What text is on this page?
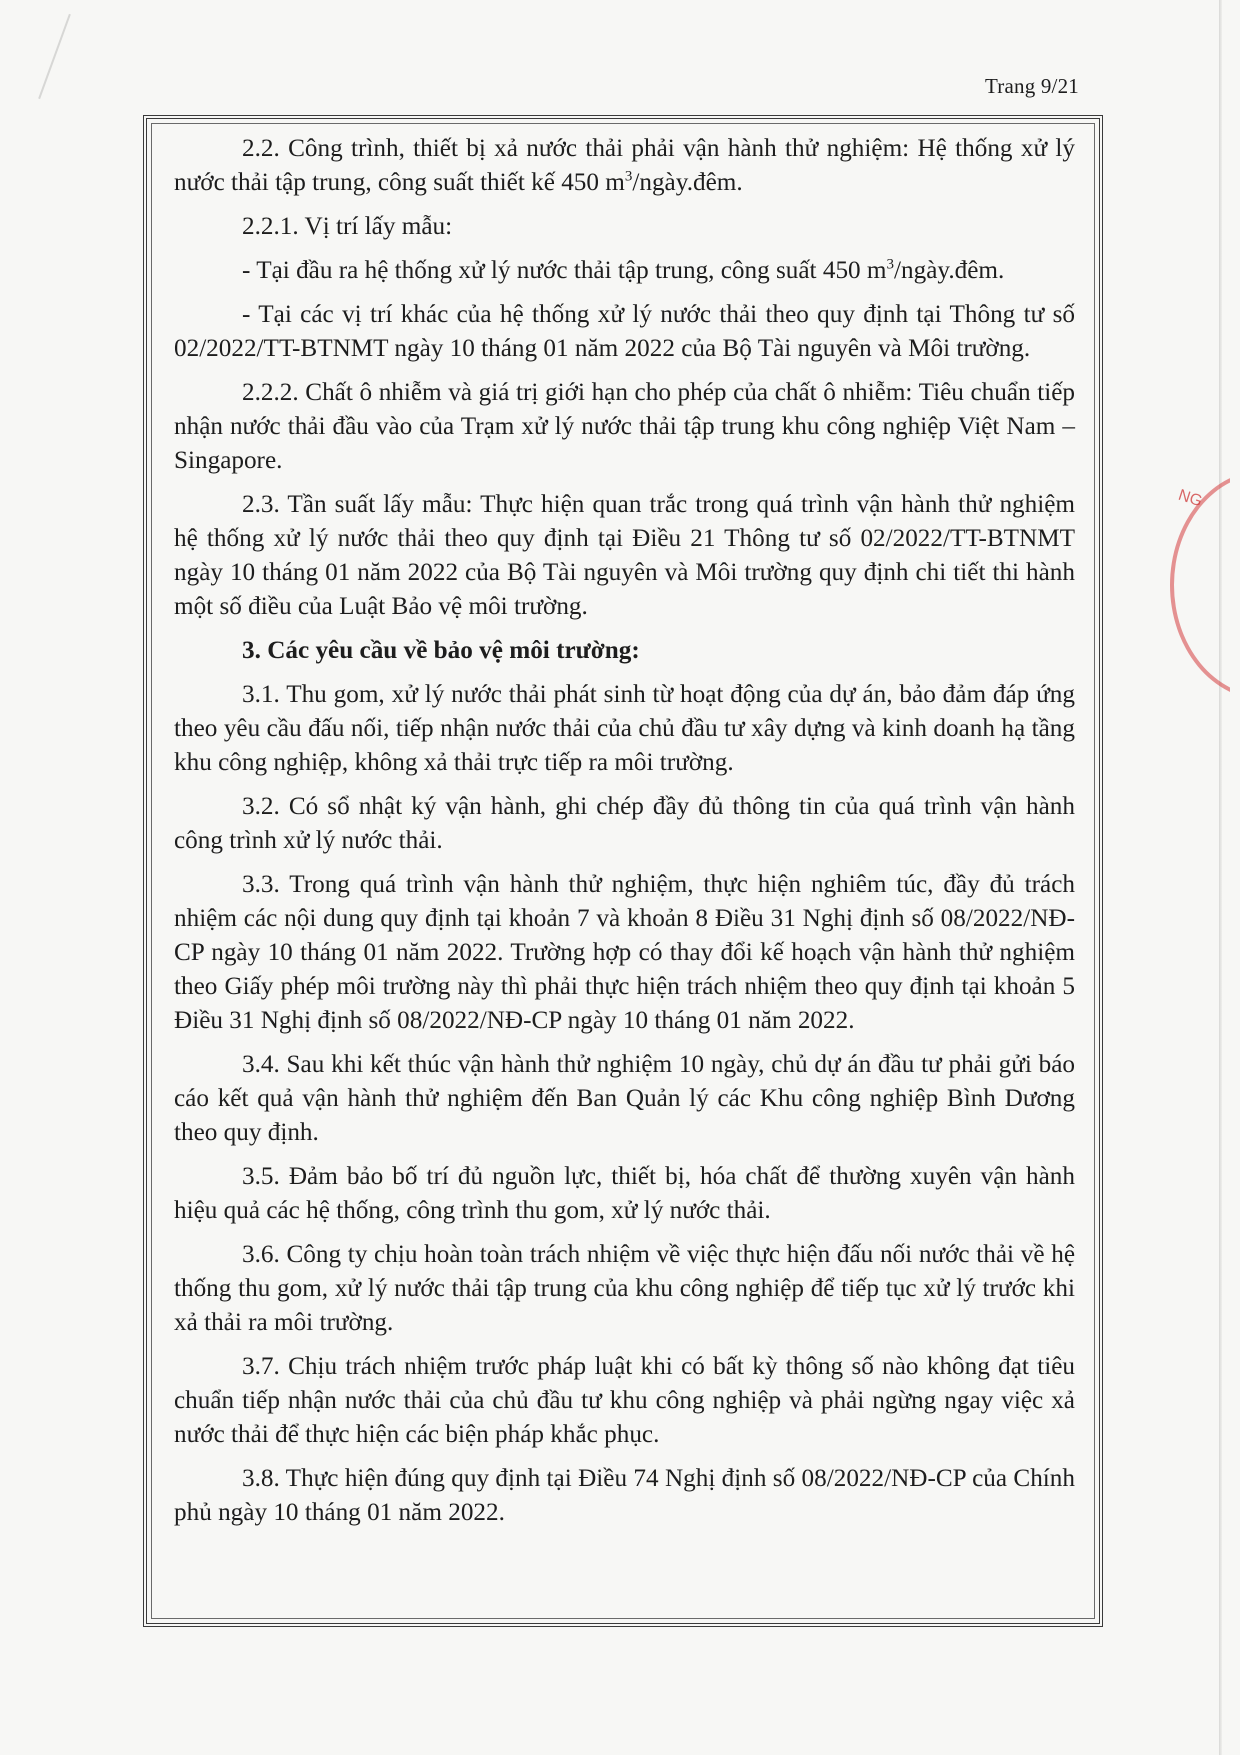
Trang 9/21

2.2. Công trình, thiết bị xả nước thải phải vận hành thử nghiệm: Hệ thống xử lý nước thải tập trung, công suất thiết kế 450 $m^3/ngày.đêm$.

2.2.1. Vị trí lấy mẫu:

- Tại đầu ra hệ thống xử lý nước thải tập trung, công suất 450 $m^3/ngày.đêm$.

- Tại các vị trí khác của hệ thống xử lý nước thải theo quy định tại Thông tư số 02/2022/TT-BTNMT ngày 10 tháng 01 năm 2022 của Bộ Tài nguyên và Môi trường.

2.2.2. Chất ô nhiễm và giá trị giới hạn cho phép của chất ô nhiễm: Tiêu chuẩn tiếp nhận nước thải đầu vào của Trạm xử lý nước thải tập trung khu công nghiệp Việt Nam – Singapore.

2.3. Tần suất lấy mẫu: Thực hiện quan trắc trong quá trình vận hành thử nghiệm hệ thống xử lý nước thải theo quy định tại Điều 21 Thông tư số 02/2022/TT-BTNMT ngày 10 tháng 01 năm 2022 của Bộ Tài nguyên và Môi trường quy định chi tiết thi hành một số điều của Luật Bảo vệ môi trường.

3. Các yêu cầu về bảo vệ môi trường:

3.1. Thu gom, xử lý nước thải phát sinh từ hoạt động của dự án, bảo đảm đáp ứng theo yêu cầu đấu nối, tiếp nhận nước thải của chủ đầu tư xây dựng và kinh doanh hạ tầng khu công nghiệp, không xả thải trực tiếp ra môi trường.

3.2. Có sổ nhật ký vận hành, ghi chép đầy đủ thông tin của quá trình vận hành công trình xử lý nước thải.

3.3. Trong quá trình vận hành thử nghiệm, thực hiện nghiêm túc, đầy đủ trách nhiệm các nội dung quy định tại khoản 7 và khoản 8 Điều 31 Nghị định số 08/2022/NĐ-CP ngày 10 tháng 01 năm 2022. Trường hợp có thay đổi kế hoạch vận hành thử nghiệm theo Giấy phép môi trường này thì phải thực hiện trách nhiệm theo quy định tại khoản 5 Điều 31 Nghị định số 08/2022/NĐ-CP ngày 10 tháng 01 năm 2022.

3.4. Sau khi kết thúc vận hành thử nghiệm 10 ngày, chủ dự án đầu tư phải gửi báo cáo kết quả vận hành thử nghiệm đến Ban Quản lý các Khu công nghiệp Bình Dương theo quy định.

3.5. Đảm bảo bố trí đủ nguồn lực, thiết bị, hóa chất để thường xuyên vận hành hiệu quả các hệ thống, công trình thu gom, xử lý nước thải.

3.6. Công ty chịu hoàn toàn trách nhiệm về việc thực hiện đấu nối nước thải về hệ thống thu gom, xử lý nước thải tập trung của khu công nghiệp để tiếp tục xử lý trước khi xả thải ra môi trường.

3.7. Chịu trách nhiệm trước pháp luật khi có bất kỳ thông số nào không đạt tiêu chuẩn tiếp nhận nước thải của chủ đầu tư khu công nghiệp và phải ngừng ngay việc xả nước thải để thực hiện các biện pháp khắc phục.

3.8. Thực hiện đúng quy định tại Điều 74 Nghị định số 08/2022/NĐ-CP của Chính phủ ngày 10 tháng 01 năm 2022.

NG
